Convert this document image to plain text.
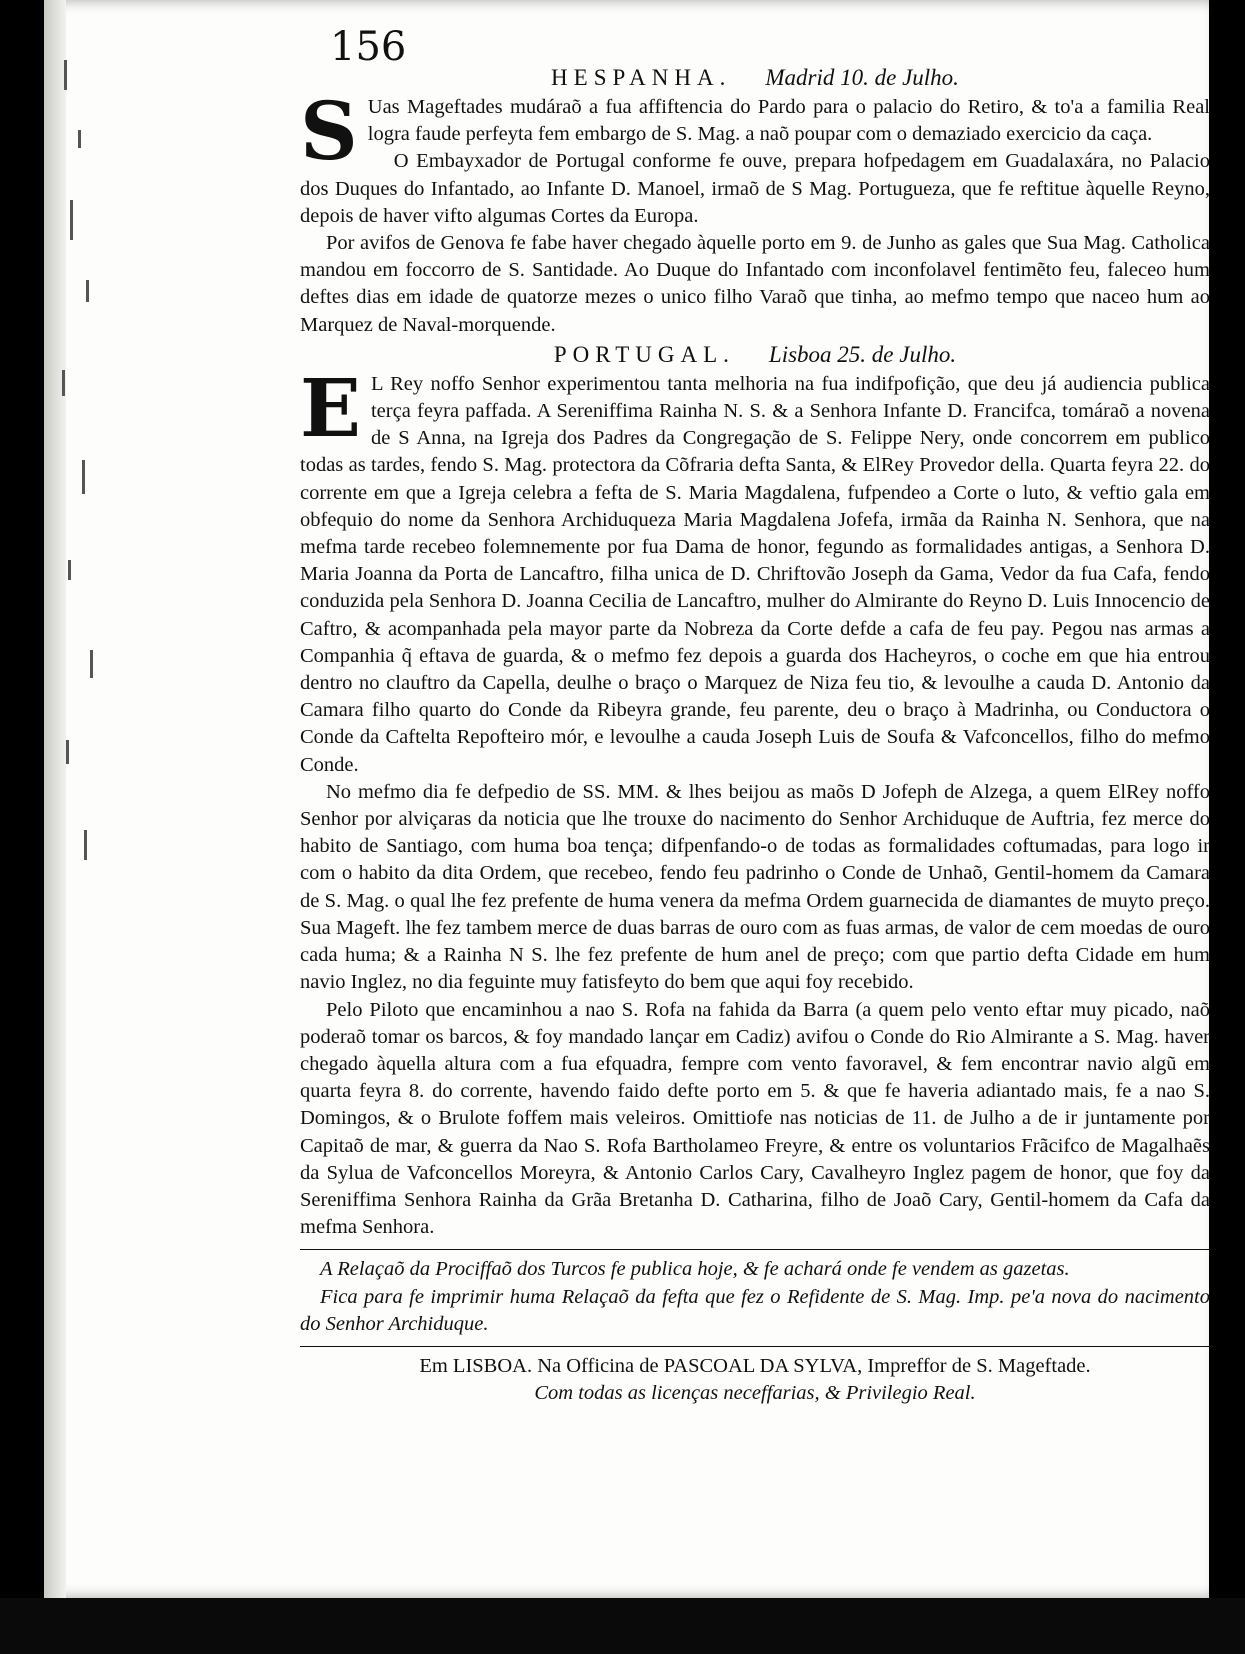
156
HESPANHA. Madrid 10. de Julho.

S Uas Mageftades mudáraõ a fua affiftencia do Pardo para o palacio do Retiro, & to'a a familia Real logra faude perfeyta fem embargo de S. Mag. a naõ poupar com o demaziado exercicio da caça.

O Embayxador de Portugal conforme fe ouve, prepara hofpedagem em Guadalaxára, no Palacio dos Duques do Infantado, ao Infante D. Manoel, irmaõ de S Mag. Portugueza, que fe reftitue àquelle Reyno, depois de haver vifto algumas Cortes da Europa.

Por avifos de Genova fe fabe haver chegado àquelle porto em 9. de Junho as gales que Sua Mag. Catholica mandou em foccorro de S. Santidade. Ao Duque do Infantado com inconfolavel fentimẽto feu, faleceo hum deftes dias em idade de quatorze mezes o unico filho Varaõ que tinha, ao mefmo tempo que naceo hum ao Marquez de Naval-morquende.

PORTUGAL. Lisboa 25. de Julho.

E L Rey noffo Senhor experimentou tanta melhoria na fua indifpofição, que deu já audiencia publica terça feyra paffada. A Sereniffima Rainha N. S. & a Senhora Infante D. Francifca, tomáraõ a novena de S Anna, na Igreja dos Padres da Congregação de S. Felippe Nery, onde concorrem em publico todas as tardes, fendo S. Mag. protectora da Cõfraria defta Santa, & ElRey Provedor della. Quarta feyra 22. do corrente em que a Igreja celebra a fefta de S. Maria Magdalena, fufpendeo a Corte o luto, & veftio gala em obfequio do nome da Senhora Archiduqueza Maria Magdalena Jofefa, irmãa da Rainha N. Senhora, que na mefma tarde recebeo folemnemente por fua Dama de honor, fegundo as formalidades antigas, a Senhora D. Maria Joanna da Porta de Lancaftro, filha unica de D. Chriftovão Joseph da Gama, Vedor da fua Cafa, fendo conduzida pela Senhora D. Joanna Cecilia de Lancaftro, mulher do Almirante do Reyno D. Luis Innocencio de Caftro, & acompanhada pela mayor parte da Nobreza da Corte defde a cafa de feu pay. Pegou nas armas a Companhia q̃ eftava de guarda, & o mefmo fez depois a guarda dos Hacheyros, o coche em que hia entrou dentro no clauftro da Capella, deulhe o braço o Marquez de Niza feu tio, & levoulhe a cauda D. Antonio da Camara filho quarto do Conde da Ribeyra grande, feu parente, deu o braço à Madrinha, ou Conductora o Conde da Caftelta Repofteiro mór, e levoulhe a cauda Joseph Luis de Soufa & Vafconcellos, filho do mefmo Conde.

No mefmo dia fe defpedio de SS. MM. & lhes beijou as maõs D Jofeph de Alzega, a quem ElRey noffo Senhor por alviçaras da noticia que lhe trouxe do nacimento do Senhor Archiduque de Auftria, fez merce do habito de Santiago, com huma boa tença; difpenfando-o de todas as formalidades coftumadas, para logo ir com o habito da dita Ordem, que recebeo, fendo feu padrinho o Conde de Unhaõ, Gentil-homem da Camara de S. Mag. o qual lhe fez prefente de huma venera da mefma Ordem guarnecida de diamantes de muyto preço. Sua Mageft. lhe fez tambem merce de duas barras de ouro com as fuas armas, de valor de cem moedas de ouro cada huma; & a Rainha N S. lhe fez prefente de hum anel de preço; com que partio defta Cidade em hum navio Inglez, no dia feguinte muy fatisfeyto do bem que aqui foy recebido.

Pelo Piloto que encaminhou a nao S. Rofa na fahida da Barra (a quem pelo vento eftar muy picado, naõ poderaõ tomar os barcos, & foy mandado lançar em Cadiz) avifou o Conde do Rio Almirante a S. Mag. haver chegado àquella altura com a fua efquadra, fempre com vento favoravel, & fem encontrar navio algũ em quarta feyra 8. do corrente, havendo faido defte porto em 5. & que fe haveria adiantado mais, fe a nao S. Domingos, & o Brulote foffem mais veleiros. Omittiofe nas noticias de 11. de Julho a de ir juntamente por Capitaõ de mar, & guerra da Nao S. Rofa Bartholameo Freyre, & entre os voluntarios Frãcifco de Magalhaẽs da Sylua de Vafconcellos Moreyra, & Antonio Carlos Cary, Cavalheyro Inglez pagem de honor, que foy da Sereniffima Senhora Rainha da Grãa Bretanha D. Catharina, filho de Joaõ Cary, Gentil-homem da Cafa da mefma Senhora.

A Relaçaõ da Prociffaõ dos Turcos fe publica hoje, & fe achará onde fe vendem as gazetas.

Fica para fe imprimir huma Relaçaõ da fefta que fez o Refidente de S. Mag. Imp. pe'a nova do nacimento do Senhor Archiduque.

Em LISBOA. Na Officina de PASCOAL DA SYLVA, Impreffor de S. Mageftade.
Com todas as licenças neceffarias, & Privilegio Real.
